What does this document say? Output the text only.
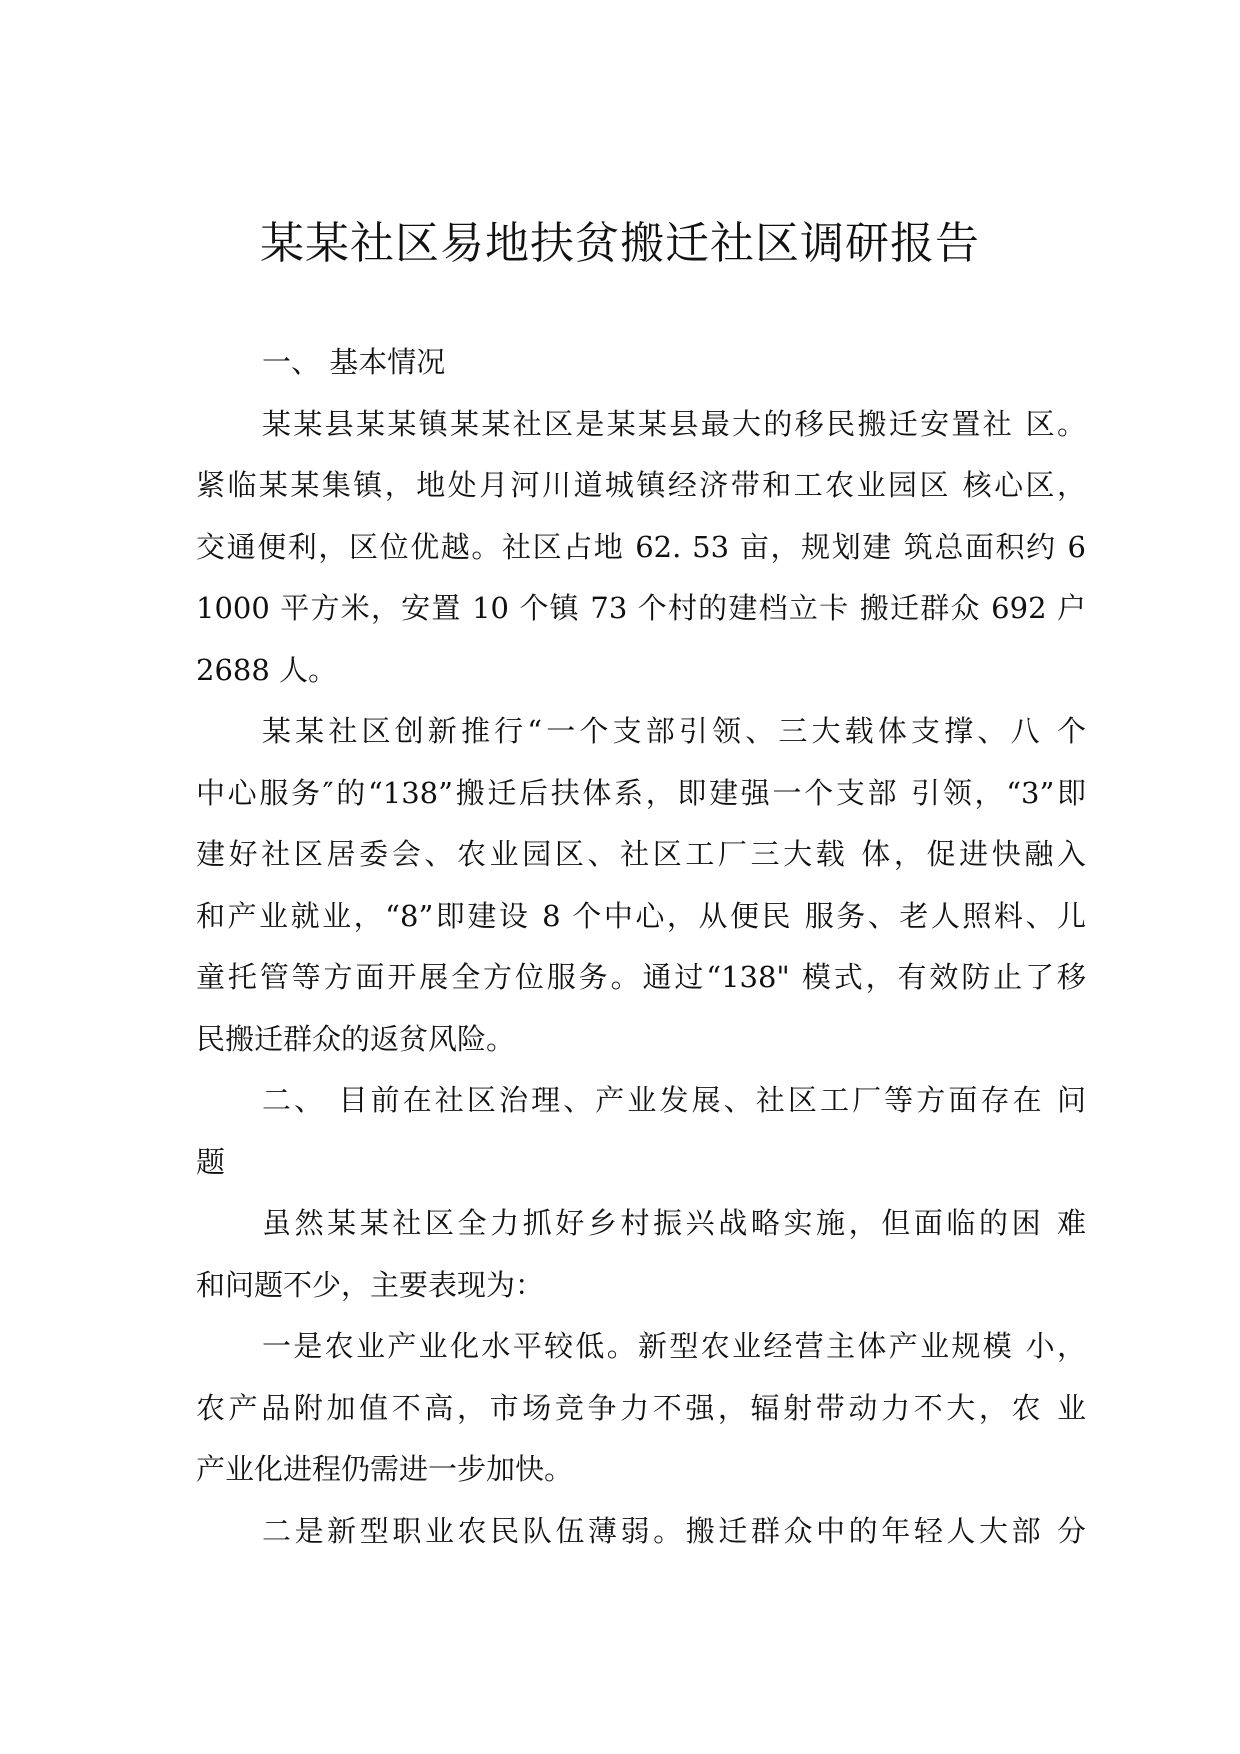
某某社区易地扶贫搬迁社区调研报告
一、 基本情况
某某县某某镇某某社区是某某县最大的移民搬迁安置社 区。
紧临某某集镇，地处月河川道城镇经济带和工农业园区 核心区，
交通便利，区位优越。社区占地 62. 53 亩，规划建 筑总面积约 6
1000 平方米，安置 10 个镇 73 个村的建档立卡 搬迁群众 692 户
2688 人。
某某社区创新推行“一个支部引领、三大载体支撑、八 个
中心服务″的“138”搬迁后扶体系，即建强一个支部 引领，“3”即
建好社区居委会、农业园区、社区工厂三大载 体，促进快融入
和产业就业，“8”即建设 8 个中心，从便民 服务、老人照料、儿
童托管等方面开展全方位服务。通过“138" 模式，有效防止了移
民搬迁群众的返贫风险。
二、 目前在社区治理、产业发展、社区工厂等方面存在 问
题
虽然某某社区全力抓好乡村振兴战略实施，但面临的困 难
和问题不少，主要表现为：
一是农业产业化水平较低。新型农业经营主体产业规模 小，
农产品附加值不高，市场竞争力不强，辐射带动力不大，农 业
产业化进程仍需进一步加快。
二是新型职业农民队伍薄弱。搬迁群众中的年轻人大部 分
